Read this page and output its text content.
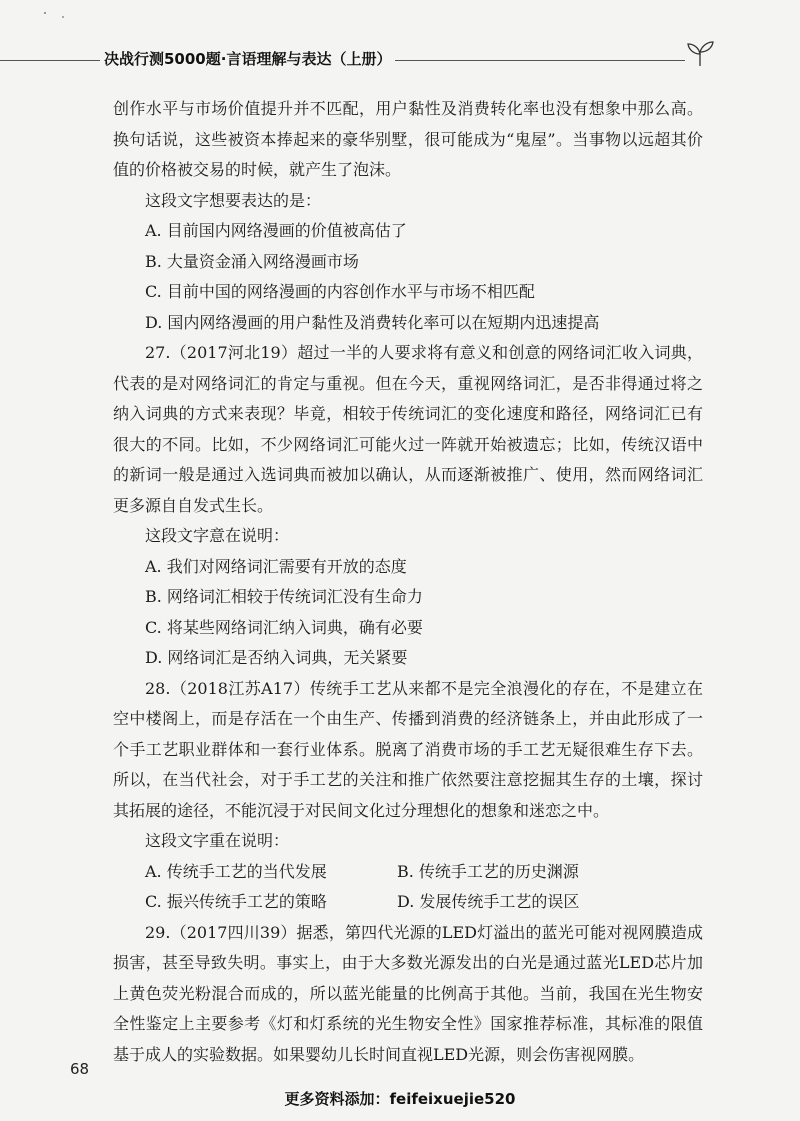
决战行测5000题·言语理解与表达（上册）

创作水平与市场价值提升并不匹配，用户黏性及消费转化率也没有想象中那么高。换句话说，这些被资本捧起来的豪华别墅，很可能成为“鬼屋”。当事物以远超其价值的价格被交易的时候，就产生了泡沫。

这段文字想要表达的是：

A. 目前国内网络漫画的价值被高估了

B. 大量资金涌入网络漫画市场

C. 目前中国的网络漫画的内容创作水平与市场不相匹配

D. 国内网络漫画的用户黏性及消费转化率可以在短期内迅速提高

27.（2017河北19）超过一半的人要求将有意义和创意的网络词汇收入词典，代表的是对网络词汇的肯定与重视。但在今天，重视网络词汇，是否非得通过将之纳入词典的方式来表现？毕竟，相较于传统词汇的变化速度和路径，网络词汇已有很大的不同。比如，不少网络词汇可能火过一阵就开始被遗忘；比如，传统汉语中的新词一般是通过入选词典而被加以确认，从而逐渐被推广、使用，然而网络词汇更多源自自发式生长。

这段文字意在说明：

A. 我们对网络词汇需要有开放的态度

B. 网络词汇相较于传统词汇没有生命力

C. 将某些网络词汇纳入词典，确有必要

D. 网络词汇是否纳入词典，无关紧要

28.（2018江苏A17）传统手工艺从来都不是完全浪漫化的存在，不是建立在空中楼阁上，而是存活在一个由生产、传播到消费的经济链条上，并由此形成了一个手工艺职业群体和一套行业体系。脱离了消费市场的手工艺无疑很难生存下去。所以，在当代社会，对于手工艺的关注和推广依然要注意挖掘其生存的土壤，探讨其拓展的途径，不能沉浸于对民间文化过分理想化的想象和迷恋之中。

这段文字重在说明：

A. 传统手工艺的当代发展	B. 传统手工艺的历史渊源
C. 振兴传统手工艺的策略	D. 发展传统手工艺的误区

29.（2017四川39）据悉，第四代光源的LED灯溢出的蓝光可能对视网膜造成损害，甚至导致失明。事实上，由于大多数光源发出的白光是通过蓝光LED芯片加上黄色荧光粉混合而成的，所以蓝光能量的比例高于其他。当前，我国在光生物安全性鉴定上主要参考《灯和灯系统的光生物安全性》国家推荐标准，其标准的限值基于成人的实验数据。如果婴幼儿长时间直视LED光源，则会伤害视网膜。

68
更多资料添加：feifeixuejie520
